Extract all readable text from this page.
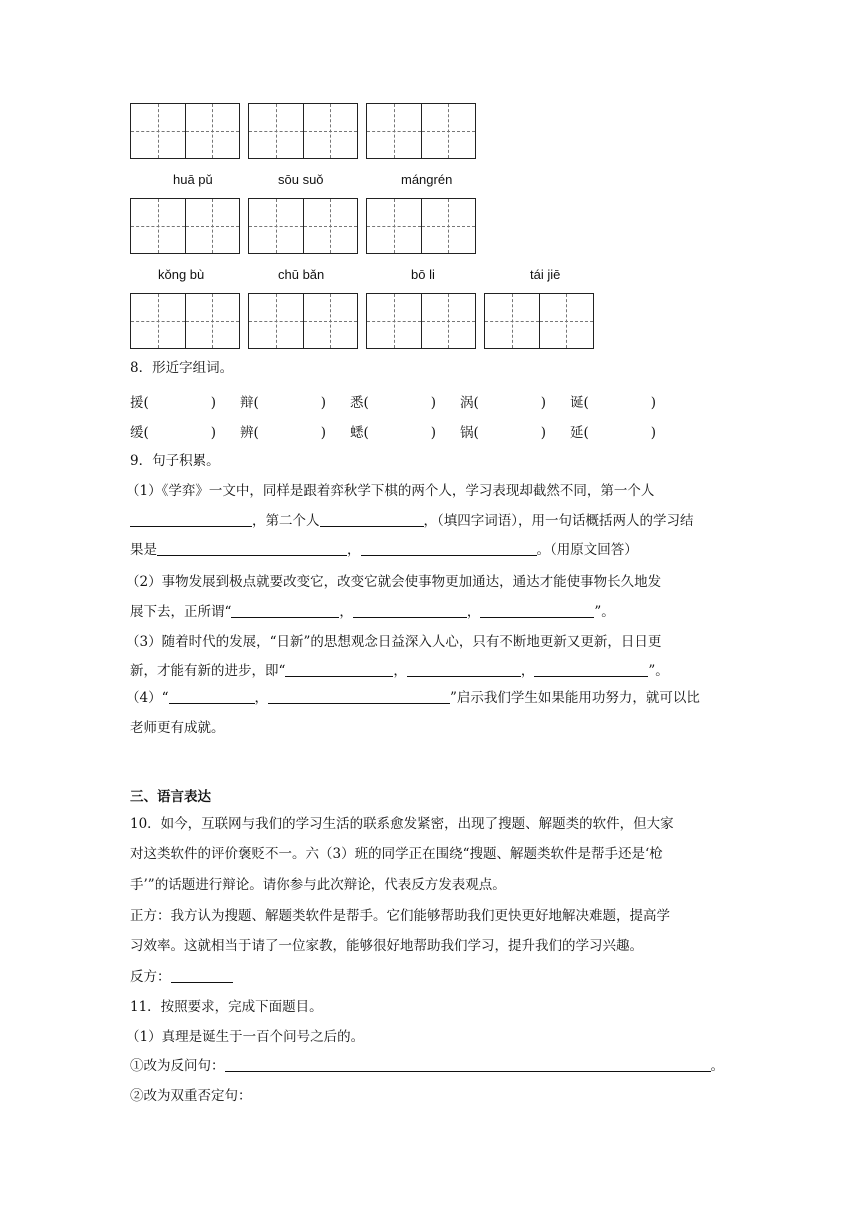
huā pǔ	sōu suǒ	mángrén
kǒng bù	chū bǎn	bō li	tái jiē
8．形近字组词。
援(	)	辩(	)	悉(	)	涡(	)	诞(	)
缓(	)	辨(	)	蟋(	)	锅(	)	延(	)
9．句子积累。
（1）《学弈》一文中，同样是跟着弈秋学下棋的两个人，学习表现却截然不同，第一个人
，第二个人	，（填四字词语），用一句话概括两人的学习结
果是	，	。（用原文回答）
（2）事物发展到极点就要改变它，改变它就会使事物更加通达，通达才能使事物长久地发
展下去，正所谓“	，	，	”。
（3）随着时代的发展，“日新”的思想观念日益深入人心，只有不断地更新又更新，日日更
新，才能有新的进步，即“	，	，	”。
（4）“	，	”启示我们学生如果能用功努力，就可以比
老师更有成就。
三、语言表达
10．如今，互联网与我们的学习生活的联系愈发紧密，出现了搜题、解题类的软件，但大家
对这类软件的评价褒贬不一。六（3）班的同学正在围绕“搜题、解题类软件是帮手还是‘枪
手’”的话题进行辩论。请你参与此次辩论，代表反方发表观点。
正方：我方认为搜题、解题类软件是帮手。它们能够帮助我们更快更好地解决难题，提高学
习效率。这就相当于请了一位家教，能够很好地帮助我们学习，提升我们的学习兴趣。
反方：
11．按照要求，完成下面题目。
（1）真理是诞生于一百个问号之后的。
①改为反问句：	。
②改为双重否定句：
